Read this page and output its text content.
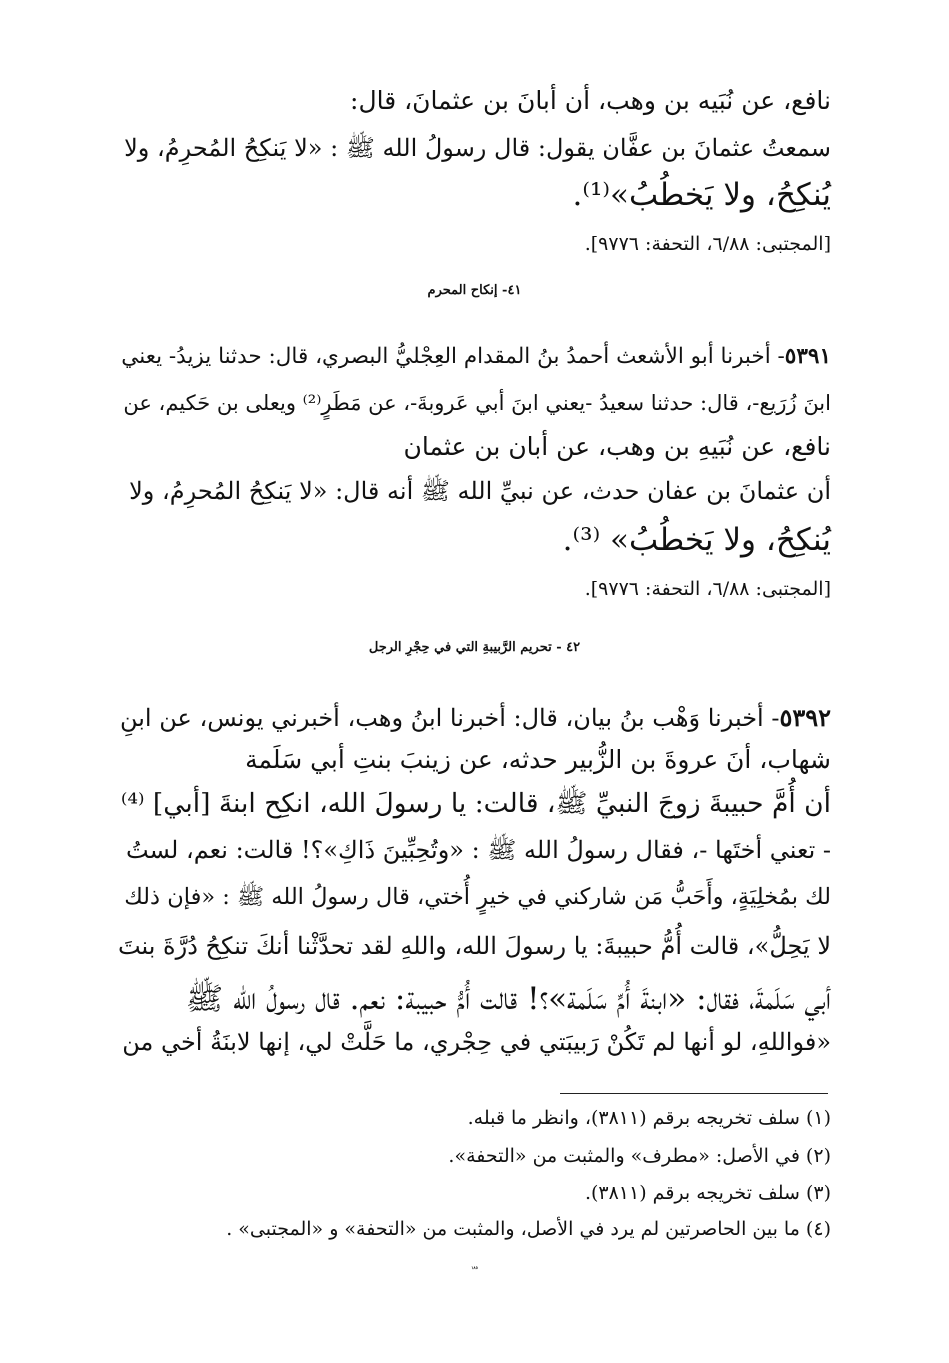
نافع، عن نُبَيه بن وهب، أن أبانَ بن عثمانَ، قال:
سمعتُ عثمانَ بن عفَّان يقول: قال رسولُ الله ﷺ : «لا يَنكِحُ المُحرِمُ، ولا
يُنكِحُ، ولا يَخطُبُ»⁽¹⁾.
[المجتبى: ٦/٨٨، التحفة: ٩٧٧٦].
٤١- إنكاح المحرم
٥٣٩١- أخبرنا أبو الأشعث أحمدُ بنُ المقدام العِجْليُّ البصري، قال: حدثنا يزيدُ- يعني
ابنَ زُرَيع-، قال: حدثنا سعيدُ -يعني ابنَ أبي عَروبةَ-، عن مَطَرٍ⁽²⁾ ويعلى بن حَكيم، عن
نافع، عن نُبَيهِ بن وهب، عن أبان بن عثمان
أن عثمانَ بن عفان حدث، عن نبيِّ الله ﷺ أنه قال: «لا يَنكِحُ المُحرِمُ، ولا
يُنكِحُ، ولا يَخطُبُ» ⁽³⁾.
[المجتبى: ٦/٨٨، التحفة: ٩٧٧٦].
٤٢ - تحريم الرَّبيبةِ التي في حِجْرِ الرجل
٥٣٩٢- أخبرنا وَهْب بنُ بيان، قال: أخبرنا ابنُ وهب، أخبرني يونس، عن ابنِ
شهاب، أنَ عروةَ بن الزُّبير حدثه، عن زينبَ بنتِ أبي سَلَمة
أن أُمَّ حبيبةَ زوجَ النبيِّ ﷺ، قالت: يا رسولَ الله، انكِح ابنةَ [أبي] ⁽⁴⁾
- تعني أختَها -، فقال رسولُ الله ﷺ : «وتُحِبِّينَ ذَاكِ»؟! قالت: نعم، لستُ
لك بمُخلِيَةٍ، وأَحَبُّ مَن شاركني في خيرٍ أُختي، قال رسولُ الله ﷺ : «فإن ذلك
لا يَحِلُّ»، قالت أُمُّ حبيبةَ: يا رسولَ الله، واللهِ لقد تحدَّثْنا أنكَ تنكِحُ دُرَّةَ بنتَ
أبي سَلَمةَ، فقال: «ابنةَ أُمِّ سَلَمة»؟! قالت أُمُّ حبيبة: نعم. قال رسولُ الله ﷺ
«فواللهِ، لو أنها لم تَكُنْ رَبيبَتي في حِجْري، ما حَلَّتْ لي، إنها لابنَةُ أخي من
(١) سلف تخريجه برقم (٣٨١١)، وانظر ما قبله.
(٢) في الأصل: «مطرف» والمثبت من «التحفة».
(٣) سلف تخريجه برقم (٣٨١١).
(٤) ما بين الحاصرتين لم يرد في الأصل، والمثبت من «التحفة» و «المجتبى» .
١٨٥
